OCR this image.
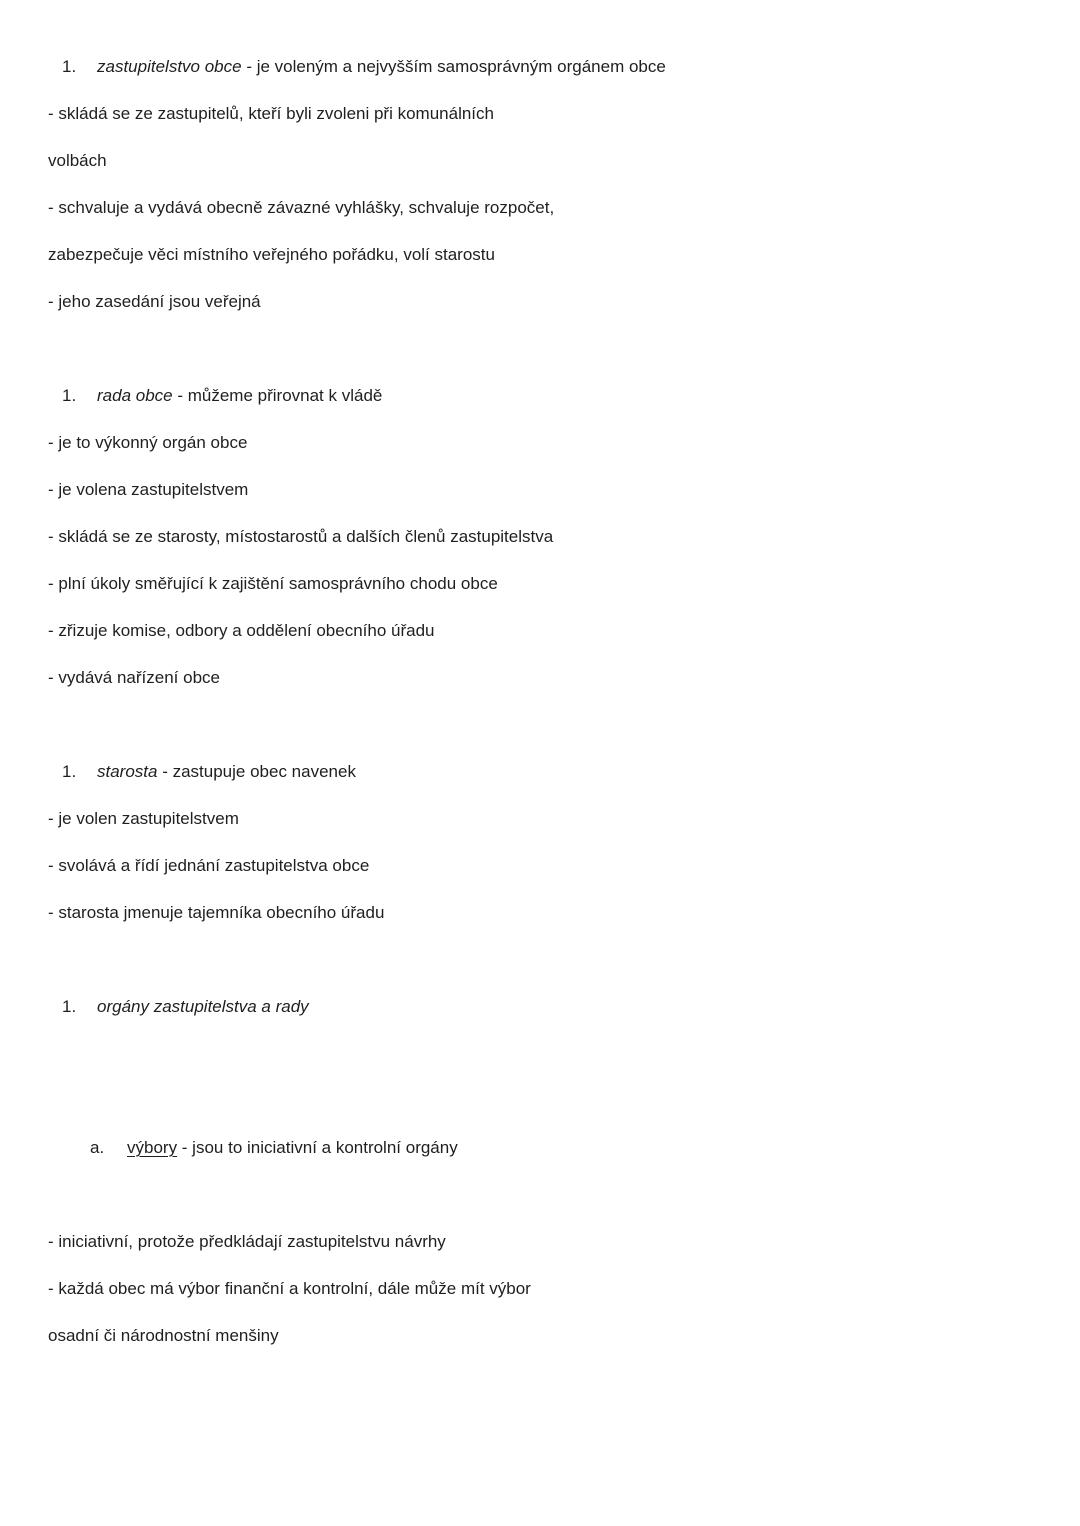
1. zastupitelstvo obce - je voleným a nejvyšším samosprávným orgánem obce

- skládá se ze zastupitelů, kteří byli zvoleni při komunálních

volbách

- schvaluje a vydává obecně závazné vyhlášky, schvaluje rozpočet,

zabezpečuje věci místního veřejného pořádku, volí starostu

- jeho zasedání jsou veřejná

1. rada obce - můžeme přirovnat k vládě

- je to výkonný orgán obce

- je volena zastupitelstvem

- skládá se ze starosty, místostarostů a dalších členů zastupitelstva

- plní úkoly směřující k zajištění samosprávního chodu obce

- zřizuje komise, odbory a oddělení obecního úřadu

- vydává nařízení obce

1. starosta - zastupuje obec navenek

- je volen zastupitelstvem

- svolává a řídí jednání zastupitelstva obce

- starosta jmenuje tajemníka obecního úřadu

1. orgány zastupitelstva a rady

a. výbory - jsou to iniciativní a kontrolní orgány

- iniciativní, protože předkládají zastupitelstvu návrhy

- každá obec má výbor finanční a kontrolní, dále může mít výbor

osadní či národnostní menšiny
